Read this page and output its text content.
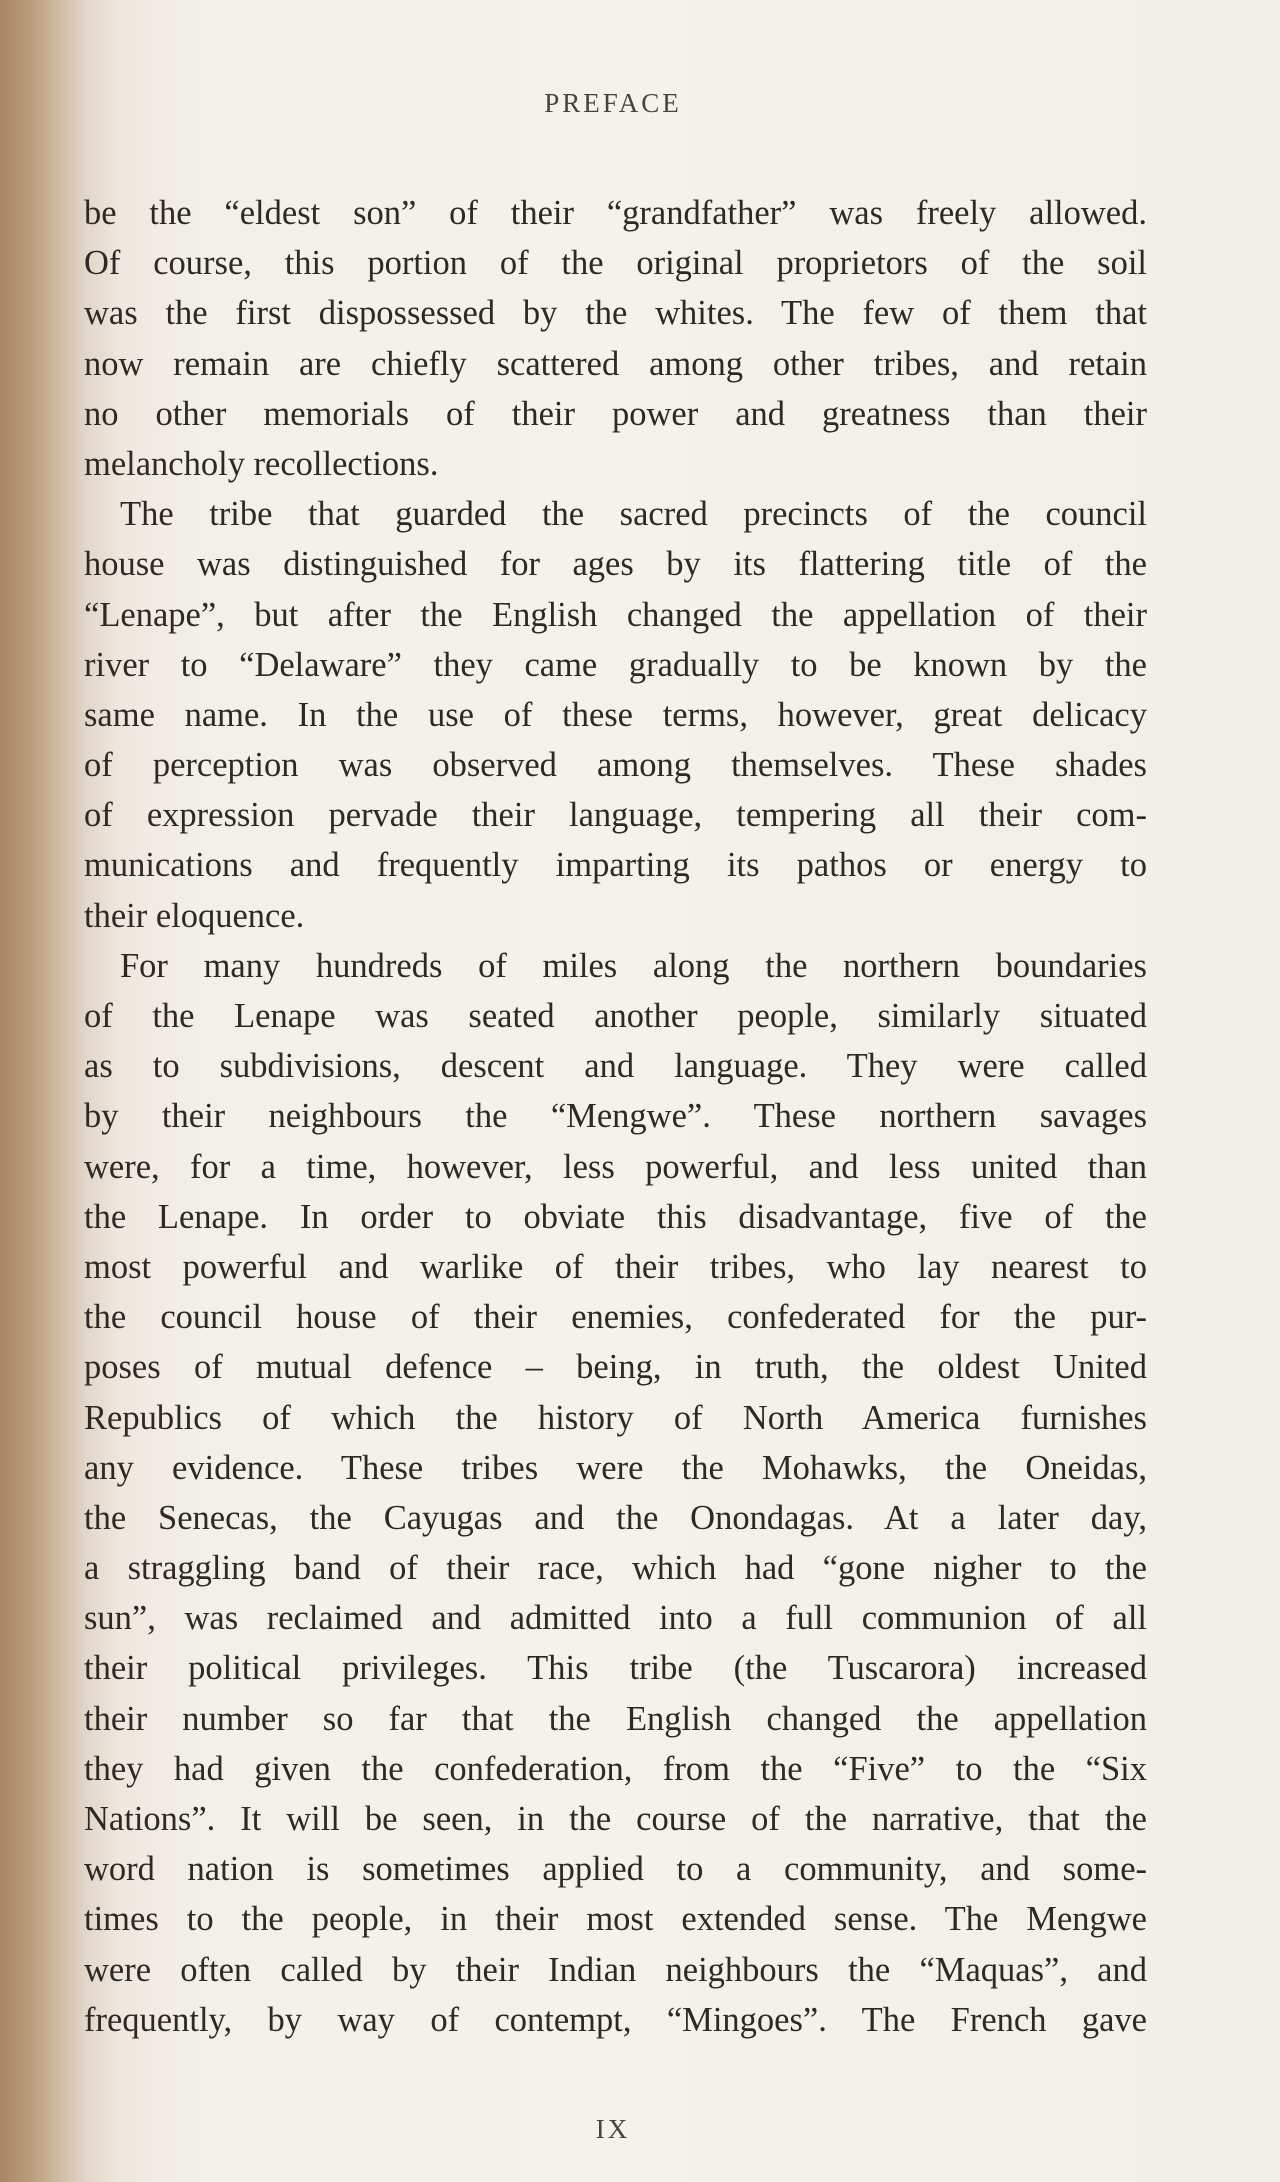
PREFACE
be the “eldest son” of their “grandfather” was freely allowed.
Of course, this portion of the original proprietors of the soil
was the first dispossessed by the whites. The few of them that
now remain are chiefly scattered among other tribes, and retain
no other memorials of their power and greatness than their
melancholy recollections.
The tribe that guarded the sacred precincts of the council
house was distinguished for ages by its flattering title of the
“Lenape”, but after the English changed the appellation of their
river to “Delaware” they came gradually to be known by the
same name. In the use of these terms, however, great delicacy
of perception was observed among themselves. These shades
of expression pervade their language, tempering all their com-
munications and frequently imparting its pathos or energy to
their eloquence.
For many hundreds of miles along the northern boundaries
of the Lenape was seated another people, similarly situated
as to subdivisions, descent and language. They were called
by their neighbours the “Mengwe”. These northern savages
were, for a time, however, less powerful, and less united than
the Lenape. In order to obviate this disadvantage, five of the
most powerful and warlike of their tribes, who lay nearest to
the council house of their enemies, confederated for the pur-
poses of mutual defence – being, in truth, the oldest United
Republics of which the history of North America furnishes
any evidence. These tribes were the Mohawks, the Oneidas,
the Senecas, the Cayugas and the Onondagas. At a later day,
a straggling band of their race, which had “gone nigher to the
sun”, was reclaimed and admitted into a full communion of all
their political privileges. This tribe (the Tuscarora) increased
their number so far that the English changed the appellation
they had given the confederation, from the “Five” to the “Six
Nations”. It will be seen, in the course of the narrative, that the
word nation is sometimes applied to a community, and some-
times to the people, in their most extended sense. The Mengwe
were often called by their Indian neighbours the “Maquas”, and
frequently, by way of contempt, “Mingoes”. The French gave
IX
